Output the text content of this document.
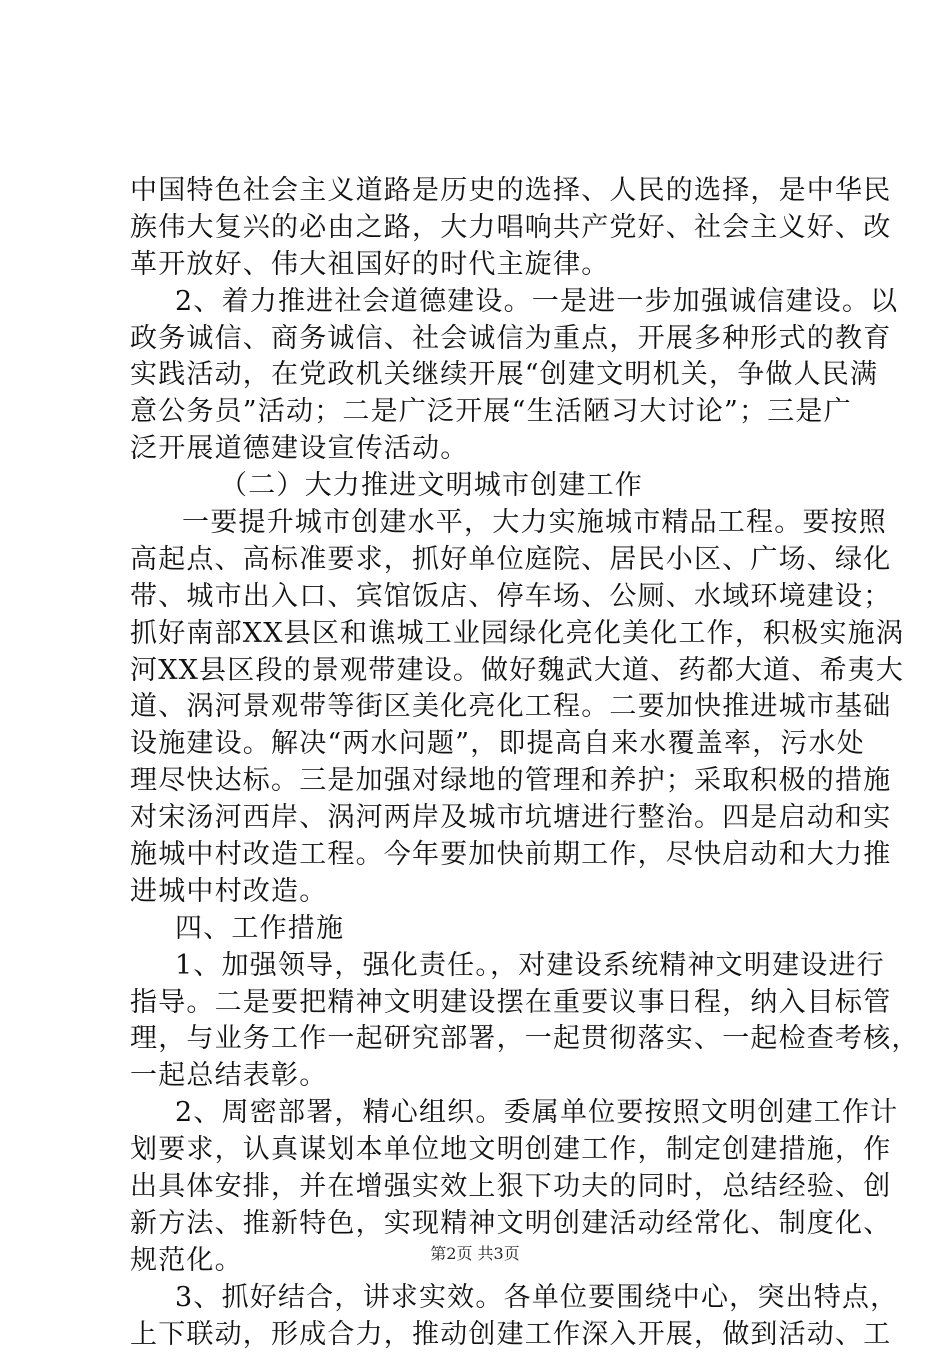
中国特色社会主义道路是历史的选择、人民的选择，是中华民
族伟大复兴的必由之路，大力唱响共产党好、社会主义好、改
革开放好、伟大祖国好的时代主旋律。
2、着力推进社会道德建设。一是进一步加强诚信建设。以
政务诚信、商务诚信、社会诚信为重点，开展多种形式的教育
实践活动，在党政机关继续开展“创建文明机关，争做人民满
意公务员”活动；二是广泛开展“生活陋习大讨论”；三是广
泛开展道德建设宣传活动。
（二）大力推进文明城市创建工作
一要提升城市创建水平，大力实施城市精品工程。要按照
高起点、高标准要求，抓好单位庭院、居民小区、广场、绿化
带、城市出入口、宾馆饭店、停车场、公厕、水域环境建设；
抓好南部XX县区和谯城工业园绿化亮化美化工作，积极实施涡
河XX县区段的景观带建设。做好魏武大道、药都大道、希夷大
道、涡河景观带等街区美化亮化工程。二要加快推进城市基础
设施建设。解决“两水问题”，即提高自来水覆盖率，污水处
理尽快达标。三是加强对绿地的管理和养护；采取积极的措施
对宋汤河西岸、涡河两岸及城市坑塘进行整治。四是启动和实
施城中村改造工程。今年要加快前期工作，尽快启动和大力推
进城中村改造。
四、工作措施
1、加强领导，强化责任。，对建设系统精神文明建设进行
指导。二是要把精神文明建设摆在重要议事日程，纳入目标管
理，与业务工作一起研究部署，一起贯彻落实、一起检查考核，
一起总结表彰。
2、周密部署，精心组织。委属单位要按照文明创建工作计
划要求，认真谋划本单位地文明创建工作，制定创建措施，作
出具体安排，并在增强实效上狠下功夫的同时，总结经验、创
新方法、推新特色，实现精神文明创建活动经常化、制度化、
规范化。
3、抓好结合，讲求实效。各单位要围绕中心，突出特点，
上下联动，形成合力，推动创建工作深入开展，做到活动、工
第2页 共3页
